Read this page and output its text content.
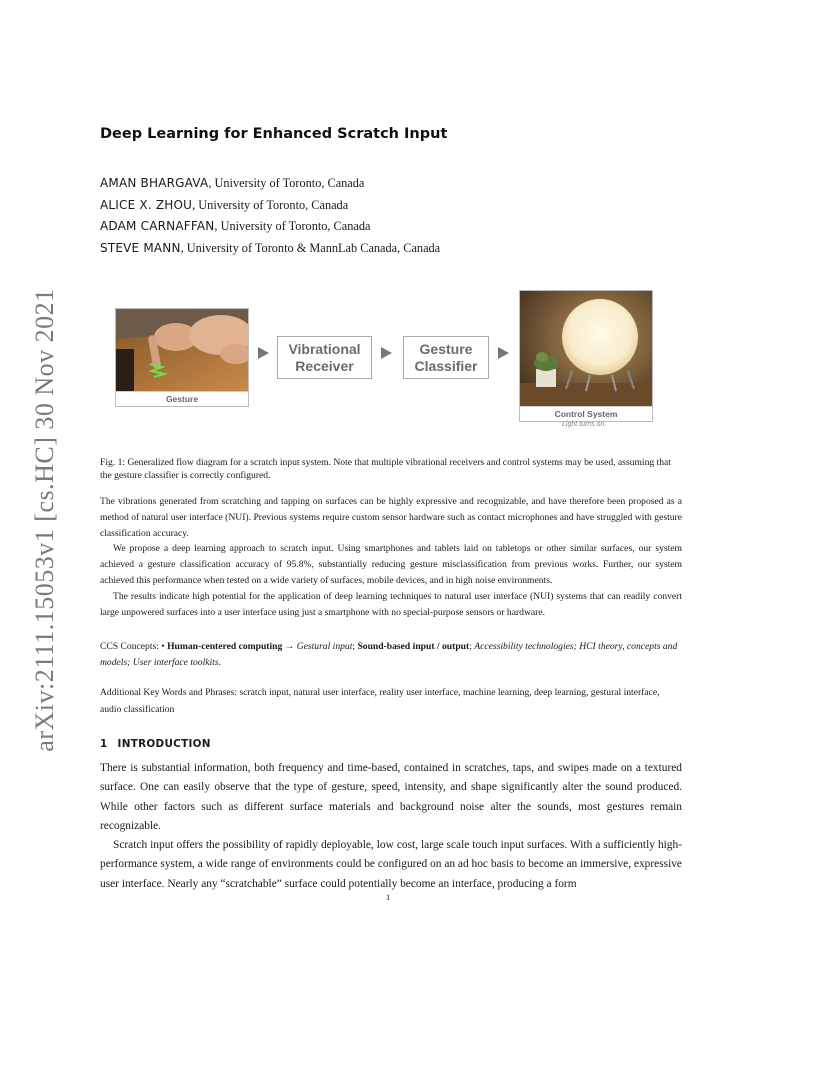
arXiv:2111.15053v1 [cs.HC] 30 Nov 2021
Deep Learning for Enhanced Scratch Input
AMAN BHARGAVA, University of Toronto, Canada
ALICE X. ZHOU, University of Toronto, Canada
ADAM CARNAFFAN, University of Toronto, Canada
STEVE MANN, University of Toronto & MannLab Canada, Canada
Gesture
Vibrational
Receiver
Gesture
Classifier
Control System
Light turns on.
Fig. 1: Generalized flow diagram for a scratch input system. Note that multiple vibrational receivers and control systems may be used, assuming that the gesture classifier is correctly configured.

The vibrations generated from scratching and tapping on surfaces can be highly expressive and recognizable, and have therefore been proposed as a method of natural user interface (NUI). Previous systems require custom sensor hardware such as contact microphones and have struggled with gesture classification accuracy.

We propose a deep learning approach to scratch input. Using smartphones and tablets laid on tabletops or other similar surfaces, our system achieved a gesture classification accuracy of 95.8%, substantially reducing gesture misclassification from previous works. Further, our system achieved this performance when tested on a wide variety of surfaces, mobile devices, and in high noise environments.

The results indicate high potential for the application of deep learning techniques to natural user interface (NUI) systems that can readily convert large unpowered surfaces into a user interface using just a smartphone with no special-purpose sensors or hardware.

CCS Concepts: • Human-centered computing → Gestural input; Sound-based input / output; Accessibility technologies; HCI theory, concepts and models; User interface toolkits.
Additional Key Words and Phrases: scratch input, natural user interface, reality user interface, machine learning, deep learning, gestural interface, audio classification
1 INTRODUCTION

There is substantial information, both frequency and time-based, contained in scratches, taps, and swipes made on a textured surface. One can easily observe that the type of gesture, speed, intensity, and shape significantly alter the sound produced. While other factors such as different surface materials and background noise alter the sounds, most gestures remain recognizable.

Scratch input offers the possibility of rapidly deployable, low cost, large scale touch input surfaces. With a sufficiently high-performance system, a wide range of environments could be configured on an ad hoc basis to become an immersive, expressive user interface. Nearly any “scratchable” surface could potentially become an interface, producing a form

1
